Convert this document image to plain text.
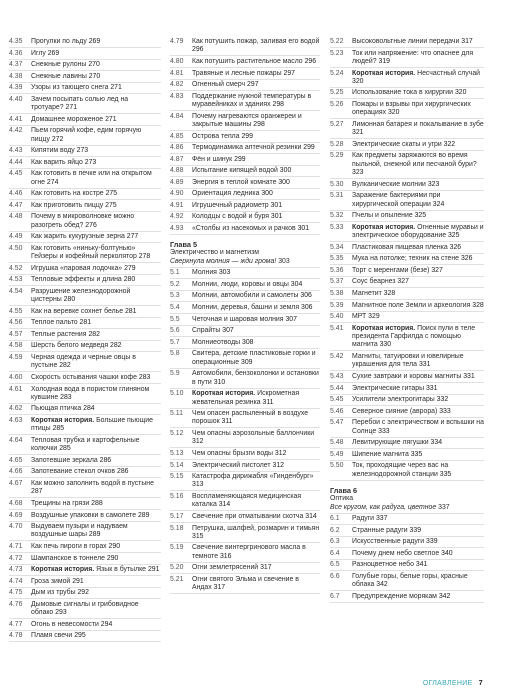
4.35	Прогулки по льду 269
4.36	Иглу 269
4.37	Снежные рулоны 270
4.38	Снежные лавины 270
4.39	Узоры из тающего снега 271
4.40	Зачем посыпать солью лед на тротуаре? 271
4.41	Домашнее мороженое 271
4.42	Пьем горячий кофе, едим горячую пиццу 272
4.43	Кипятим воду 273
4.44	Как варить яйцо 273
4.45	Как готовить в печке или на открытом огне 274
4.46	Как готовить на костре 275
4.47	Как приготовить пиццу 275
4.48	Почему в микроволновке можно разогреть обед? 276
4.49	Как жарить кукурузные зерна 277
4.50	Как готовить «ниньку-болтунью» Гейзеры и кофейный перколятор 278
4.52	Игрушка «паровая лодочка» 279
4.53	Тепловые эффекты и длина 280
4.54	Разрушение железнодорожной цистерны 280
4.55	Как на веревке сохнет белье 281
4.56	Теплое пальто 281
4.57	Теплые растения 282
4.58	Шерсть белого медведя 282
4.59	Черная одежда и черные овцы в пустыне 282
4.60	Скорость остывания чашки кофе 283
4.61	Холодная вода в пористом глиняном кувшине 283
4.62	Пьющая птичка 284
4.63	Короткая история. Большие пьющие птицы 285
4.64	Тепловая трубка и картофельные колючки 285
4.65	Запотевшие зеркала 286
4.66	Запотевание стекол очков 286
4.67	Как можно заполнить водой в пустыне 287
4.68	Трещины на грязи 288
4.69	Воздушные упаковки в самолете 289
4.70	Выдуваем пузыри и надуваем воздушные шары 289
4.71	Как печь пироги в горах 290
4.72	Шампанское в тоннеле 290
4.73	Короткая история. Язык в бутылке 291
4.74	Гроза зимой 291
4.75	Дым из трубы 292
4.76	Дымовые сигналы и грибовидное облако 293
4.77	Огонь в невесомости 294
4.78	Пламя свечи 295
4.79	Как потушить пожар, заливая его водой 296
4.80	Как потушить растительное масло 296
4.81	Травяные и лесные пожары 297
4.82	Огненный смерч 297
4.83	Поддержание нужной температуры в муравейниках и зданиях 298
4.84	Почему нагреваются оранжереи и закрытые машины 298
4.85	Островa тепла 299
4.86	Термодинамика аптечной резинки 299
4.87	Фён и шинук 299
4.88	Испытание кипящей водой 300
4.89	Энергия в теплой комнате 300
4.90	Ориентация ледника 300
4.91	Игрушечный радиометр 301
4.92	Колодцы с водой и буря 301
4.93	«Столбы из насекомых и рачков 301
Глава 5
Электричество и магнетизм
Сверкнула молния — жди грома! 303
5.1	Молния 303
5.2	Молнии, люди, коровы и овцы 304
5.3	Молнии, автомобили и самолеты 306
5.4	Молнии, деревья, башни и земля 306
5.5	Четочная и шаровая молния 307
5.6	Спрайты 307
5.7	Молниеотводы 308
5.8	Свитера, детские пластиковые горки и операционные 309
5.9	Автомобили, бензоколонки и остановки в пути 310
5.10	Короткая история. Искрометная жевательная резинка 311
5.11	Чем опасен распыленный в воздухе порошок 311
5.12	Чем опасны аэрозольные баллончики 312
5.13	Чем опасны брызги воды 312
5.14	Электрический пистолет 312
5.15	Катастрофа дирижабля «Гинденбург» 313
5.16	Воспламеняющаяся медицинская каталка 314
5.17	Свечение при отматывании скотча 314
5.18	Петрушка, шалфей, розмарин и тимьян 315
5.19	Свечение винтергринового масла в темноте 316
5.20	Огни землетрясений 317
5.21	Огни святого Эльма и свечение в Андах 317
5.22	Высоковольтные линии передачи 317
5.23	Ток или напряжение: что опаснее для людей? 319
5.24	Короткая история. Несчастный случай 320
5.25	Использование тока в хирургии 320
5.26	Пожары и взрывы при хирургических операциях 320
5.27	Лимонная батарея и покалывание в зубе 321
5.28	Электрические скаты и угри 322
5.29	Как предметы заряжаются во время пыльной, снежной или песчаной бури? 323
5.30	Вулканические молнии 323
5.31	Заражение бактериями при хирургической операции 324
5.32	Пчелы и опыление 325
5.33	Короткая история. Огненные муравьи и электрическое оборудование 325
5.34	Пластиковая пищевая пленка 326
5.35	Мука на потолке; техник на стене 326
5.36	Торт с меренгами (безе) 327
5.37	Соус беарнез 327
5.38	Магнетит 328
5.39	Магнитное поле Земли и археология 328
5.40	МРТ 329
5.41	Короткая история. Поиск пули в теле президента Гарфилда с помощью магнита 330
5.42	Магниты, татуировки и ювелирные украшения для тела 331
5.43	Сухие завтраки и коровы магниты 331
5.44	Электрические гитары 331
5.45	Усилители электрогитары 332
5.46	Северное сияние (аврора) 333
5.47	Перебои с электричеством и вспышки на Солнце 333
5.48	Левитирующие лягушки 334
5.49	Шипение магнита 335
5.50	Ток, проходящие через вас на железнодорожной станции 335
Глава 6
Оптика
Все кругом, как радуга, цветное 337
6.1	Радуги 337
6.2	Странные радуги 339
6.3	Искусственные радуги 339
6.4	Почему днем небо светлое 340
6.5	Разноцветное небо 341
6.6	Голубые горы, белые горы, красные облака 342
6.7	Предупреждение морякам 342
ОГЛАВЛЕНИЕ 7
